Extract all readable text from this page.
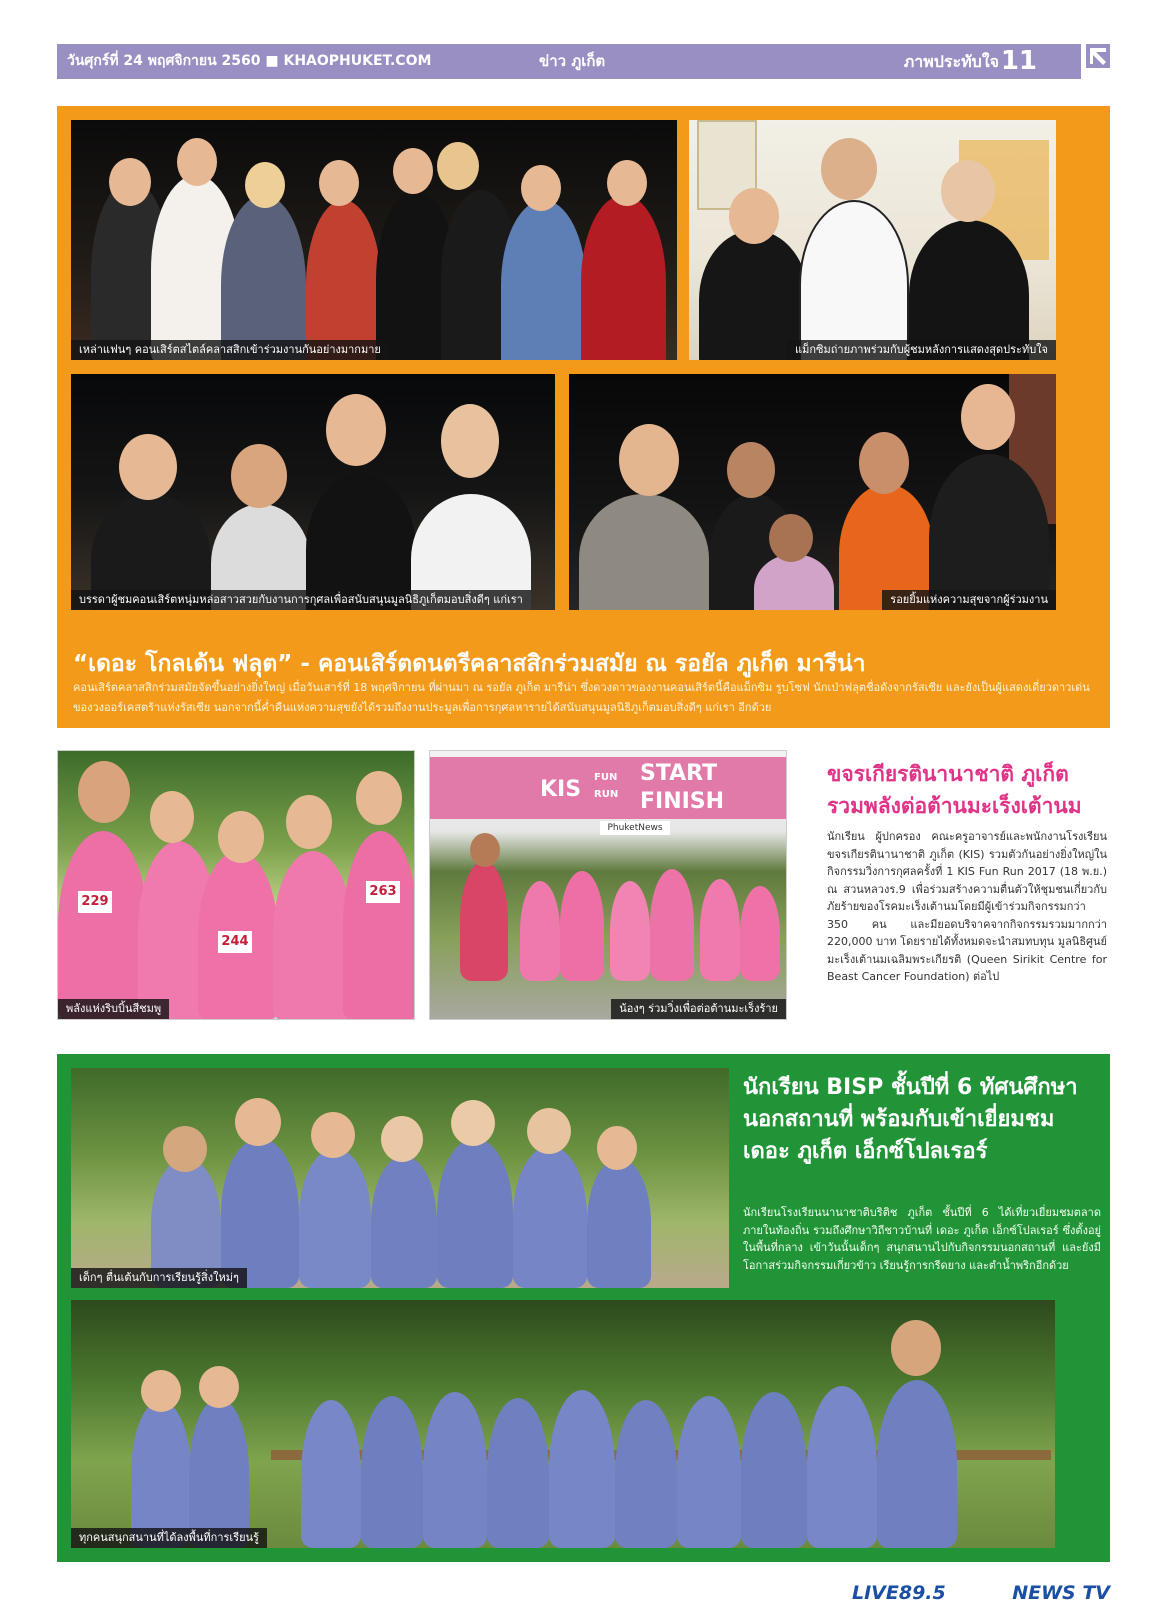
วันศุกร์ที่ 24 พฤศจิกายน 2560 ■ KHAOPHUKET.COM	ข่าว ภูเก็ต	ภาพประทับใจ 11
เหล่าแฟนๆ คอนเสิร์ตสไตล์คลาสสิกเข้าร่วมงานกันอย่างมากมาย	แม็กซิมถ่ายภาพร่วมกับผู้ชมหลังการแสดงสุดประทับใจ
บรรดาผู้ชมคอนเสิร์ตหนุ่มหล่อสาวสวยกับงานการกุศลเพื่อสนับสนุนมูลนิธิภูเก็ตมอบสิ่งดีๆ แก่เรา	รอยยิ้มแห่งความสุขจากผู้ร่วมงาน
“เดอะ โกลเด้น ฟลุต” - คอนเสิร์ตดนตรีคลาสสิกร่วมสมัย ณ รอยัล ภูเก็ต มารีน่า
คอนเสิร์ตคลาสสิกร่วมสมัยจัดขึ้นอย่างยิ่งใหญ่ เมื่อวันเสาร์ที่ 18 พฤศจิกายน ที่ผ่านมา ณ รอยัล ภูเก็ต มารีน่า ซึ่งดวงดาวของงานคอนเสิร์ตนี้คือแม็กซิม รูบโซฟ นักเป่าฟลุตชื่อดังจากรัสเซีย และยังเป็นผู้แสดงเดี่ยวดาวเด่นของวงออร์เคสตร้าแห่งรัสเซีย นอกจากนี้ค่ำคืนแห่งความสุขยังได้รวมถึงงานประมูลเพื่อการกุศลหารายได้สนับสนุนมูลนิธิภูเก็ตมอบสิ่งดีๆ แก่เรา อีกด้วย
229
244
263
พลังแห่งริบบิ้นสีชมพู
KIS FUN
RUN
START
FINISH
PhuketNews
น้องๆ ร่วมวิ่งเพื่อต่อต้านมะเร็งร้าย
ขจรเกียรตินานาชาติ ภูเก็ต รวมพลังต่อต้านมะเร็งเต้านม
นักเรียน ผู้ปกครอง คณะครูอาจารย์และพนักงานโรงเรียนขจรเกียรตินานาชาติ ภูเก็ต (KIS) รวมตัวกันอย่างยิ่งใหญ่ในกิจกรรมวิ่งการกุศลครั้งที่ 1 KIS Fun Run 2017 (18 พ.ย.) ณ สวนหลวงร.9 เพื่อร่วมสร้างความตื่นตัวให้ชุมชนเกี่ยวกับภัยร้ายของโรคมะเร็งเต้านมโดยมีผู้เข้าร่วมกิจกรรมกว่า 350 คน และมียอดบริจาคจากกิจกรรมรวมมากกว่า 220,000 บาท โดยรายได้ทั้งหมดจะนำสมทบทุน มูลนิธิศูนย์มะเร็งเต้านมเฉลิมพระเกียรติ (Queen Sirikit Centre for Beast Cancer Foundation) ต่อไป
เด็กๆ ตื่นเต้นกับการเรียนรู้สิ่งใหม่ๆ
นักเรียน BISP ชั้นปีที่ 6 ทัศนศึกษานอกสถานที่ พร้อมกับเข้าเยี่ยมชม เดอะ ภูเก็ต เอ็กซ์โปลเรอร์
นักเรียนโรงเรียนนานาชาติบริติช ภูเก็ต ชั้นปีที่ 6 ได้เที่ยวเยี่ยมชมตลาดภายในท้องถิ่น รวมถึงศึกษาวิถีชาวบ้านที่ เดอะ ภูเก็ต เอ็กซ์โปลเรอร์ ซึ่งตั้งอยู่ในพื้นที่กลาง เข้าวันนั้นเด็กๆ สนุกสนานไปกับกิจกรรมนอกสถานที่ และยังมีโอกาสร่วมกิจกรรมเกี่ยวข้าว เรียนรู้การกรีดยาง และตำน้ำพริกอีกด้วย
ทุกคนสนุกสนานที่ได้ลงพื้นที่การเรียนรู้
LIVE89.5	NEWS TV
